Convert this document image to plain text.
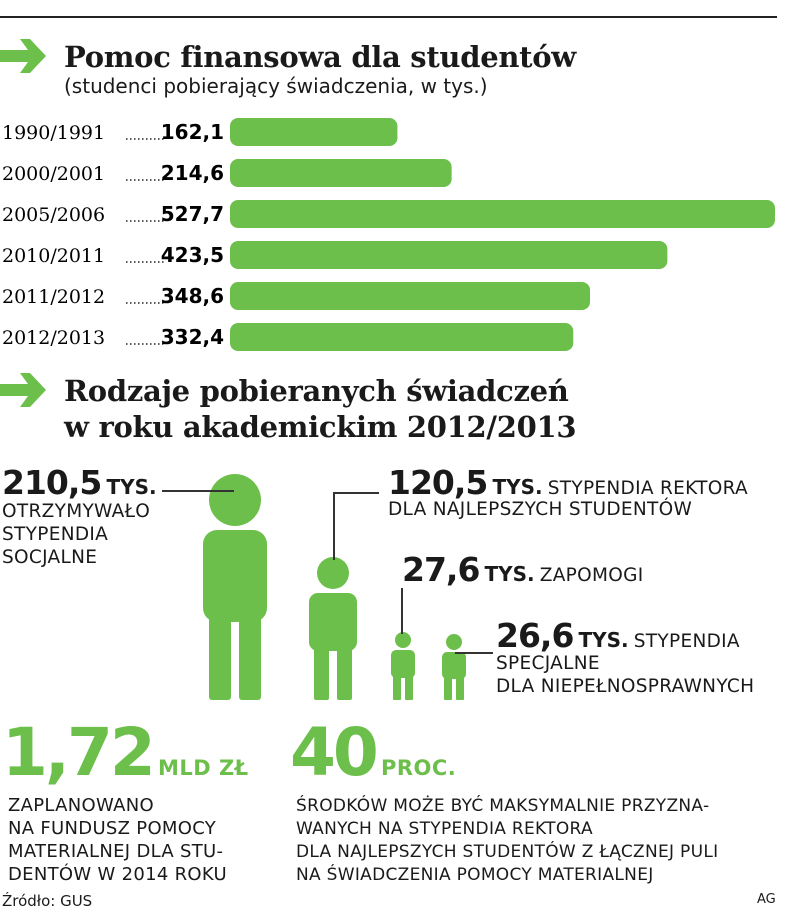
Pomoc finansowa dla studentów
(studenci pobierający świadczenia, w tys.)
1990/1991	162,1
2000/2001	214,6
2005/2006	527,7
2010/2011	423,5
2011/2012	348,6
2012/2013	332,4
Rodzaje pobieranych świadczeń
w roku akademickim 2012/2013
210,5 TYS.
OTRZYMYWAŁO
STYPENDIA
SOCJALNE
120,5 TYS. STYPENDIA REKTORA
DLA NAJLEPSZYCH STUDENTÓW
27,6 TYS. ZAPOMOGI
26,6 TYS. STYPENDIA
SPECJALNE
DLA NIEPEŁNOSPRAWNYCH
1,72 MLD ZŁ
ZAPLANOWANO
NA FUNDUSZ POMOCY
MATERIALNEJ DLA STU-
DENTÓW W 2014 ROKU
40 PROC.
ŚRODKÓW MOŻE BYĆ MAKSYMALNIE PRZYZNA-
WANYCH NA STYPENDIA REKTORA
DLA NAJLEPSZYCH STUDENTÓW Z ŁĄCZNEJ PULI
NA ŚWIADCZENIA POMOCY MATERIALNEJ
Źródło: GUS	AG
